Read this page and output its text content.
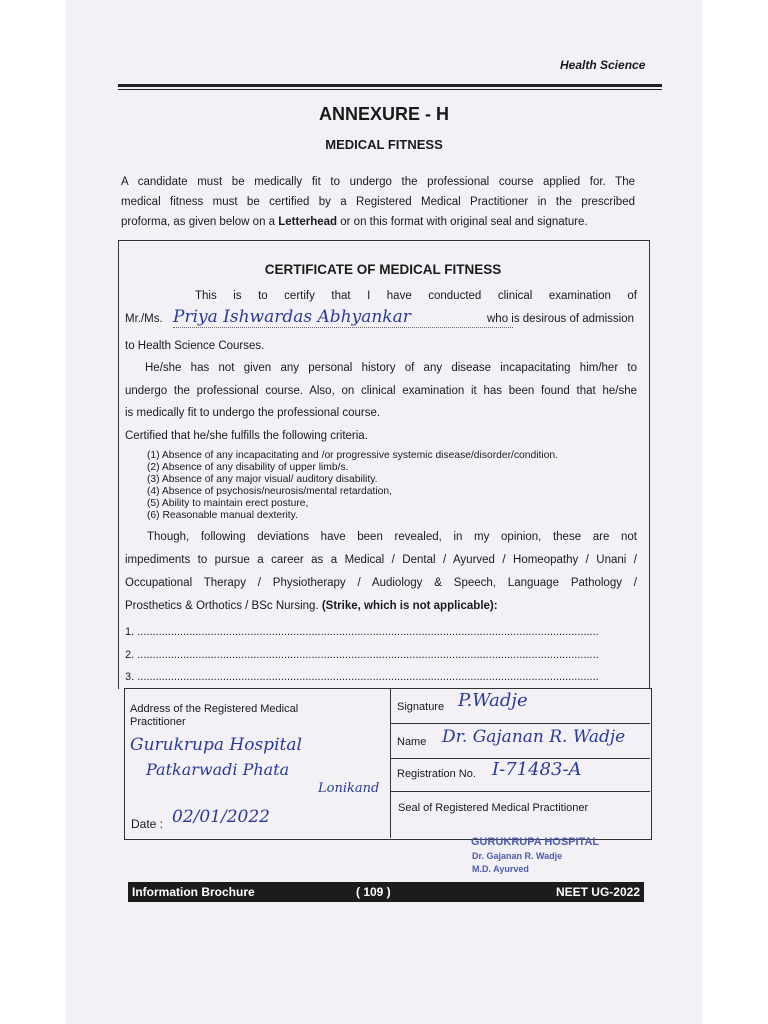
Health Science
ANNEXURE - H
MEDICAL FITNESS
A candidate must be medically fit to undergo the professional course applied for. The
medical fitness must be certified by a Registered Medical Practitioner in the prescribed
proforma, as given below on a Letterhead or on this format with original seal and signature.
CERTIFICATE OF MEDICAL FITNESS
This is to certify that I have conducted clinical examination of
Mr./Ms. Priya Ishwardas Abhyankar	who is desirous of admission
to Health Science Courses.
He/she has not given any personal history of any disease incapacitating him/her to
undergo the professional course. Also, on clinical examination it has been found that he/she
is medically fit to undergo the professional course.
Certified that he/she fulfills the following criteria.
(1) Absence of any incapacitating and /or progressive systemic disease/disorder/condition.
(2) Absence of any disability of upper limb/s.
(3) Absence of any major visual/ auditory disability.
(4) Absence of psychosis/neurosis/mental retardation,
(5) Ability to maintain erect posture,
(6) Reasonable manual dexterity.
Though, following deviations have been revealed, in my opinion, these are not
impediments to pursue a career as a Medical / Dental / Ayurved / Homeopathy / Unani /
Occupational Therapy / Physiotherapy / Audiology & Speech, Language Pathology /
Prosthetics & Orthotics / BSc Nursing. (Strike, which is not applicable):
1. .......................................................................................................................................................
2. .......................................................................................................................................................
3. .......................................................................................................................................................
Address of the Registered Medical Practitioner
Gurukrupa Hospital
Patkarwadi Phata
Lonikand
Date : 02/01/2022
Signature P.Wadje
Name Dr. Gajanan R. Wadje
Registration No. I-71483-A
Seal of Registered Medical Practitioner
GURUKRUPA HOSPITAL
Dr. Gajanan R. Wadje
M.D. Ayurved
Information Brochure	( 109 )	NEET UG-2022
